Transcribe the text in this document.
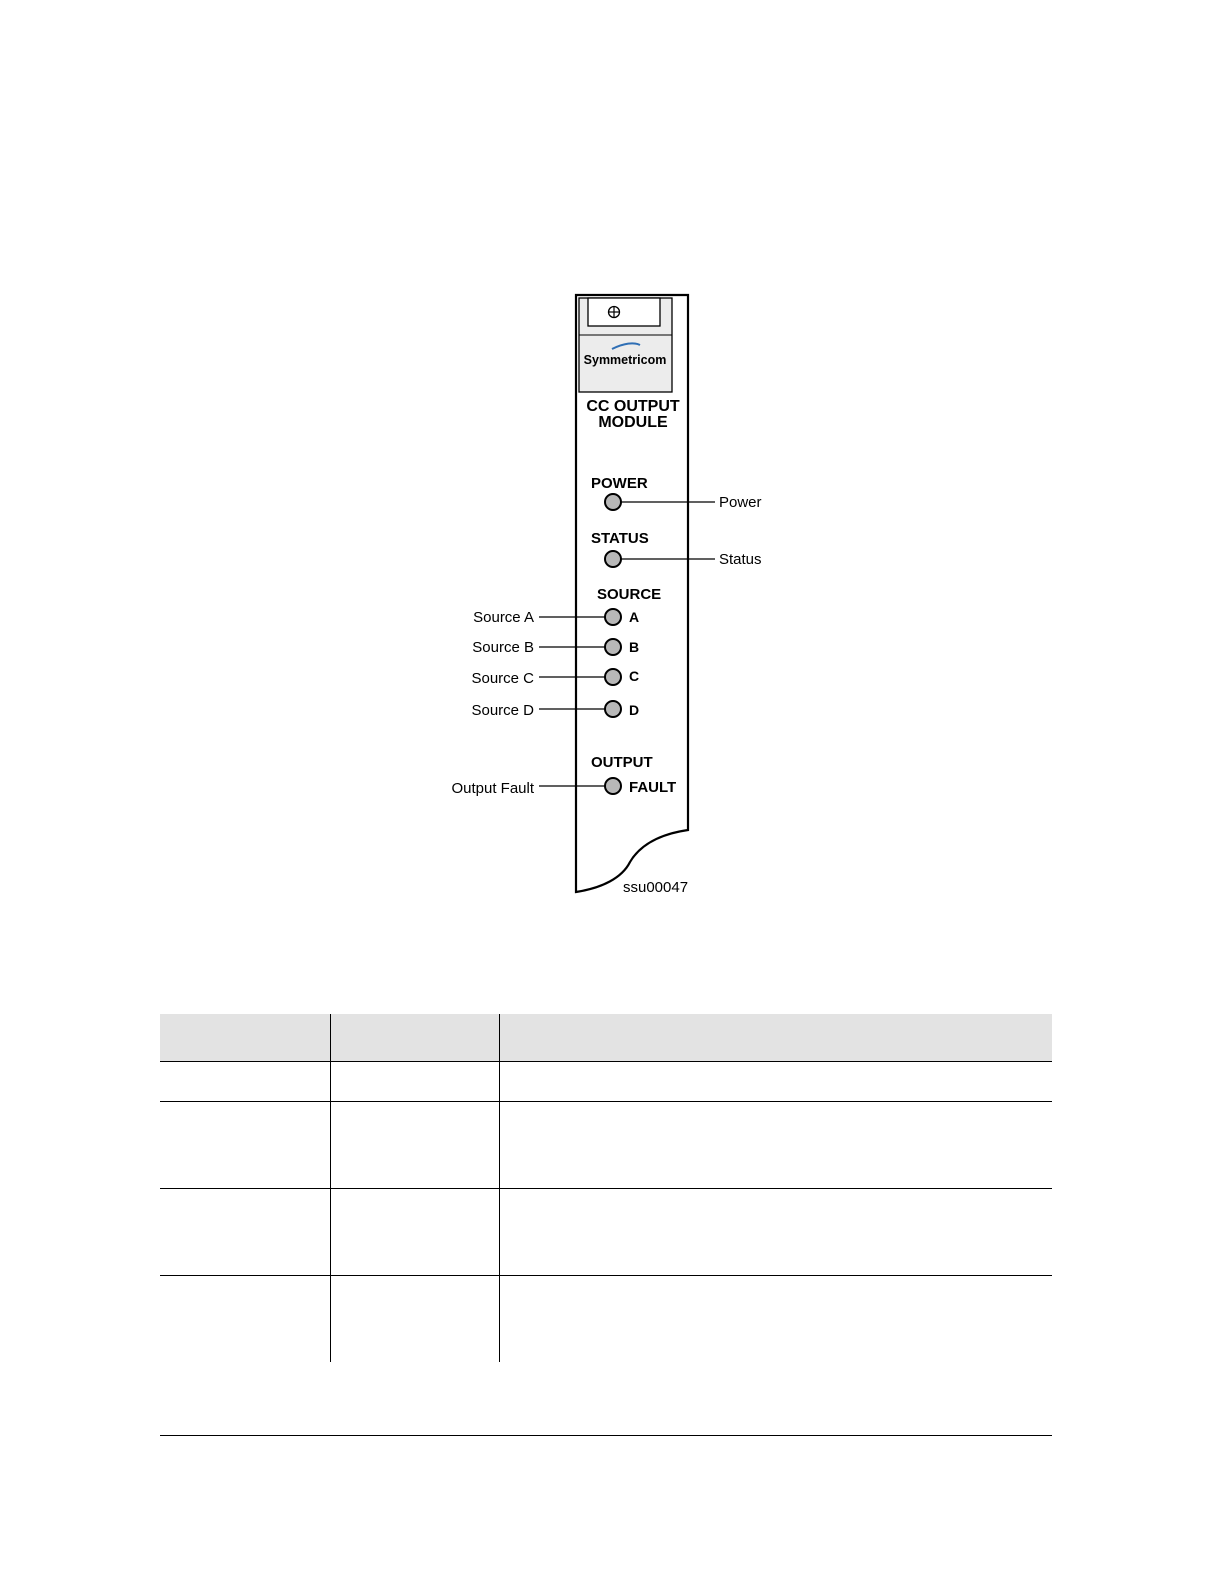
Symmetricom
CC OUTPUT
MODULE
POWER
Power
STATUS
Status
SOURCE
A
Source A
B
Source B
C
Source C
D
Source D
OUTPUT
FAULT
Output Fault
ssu00047
